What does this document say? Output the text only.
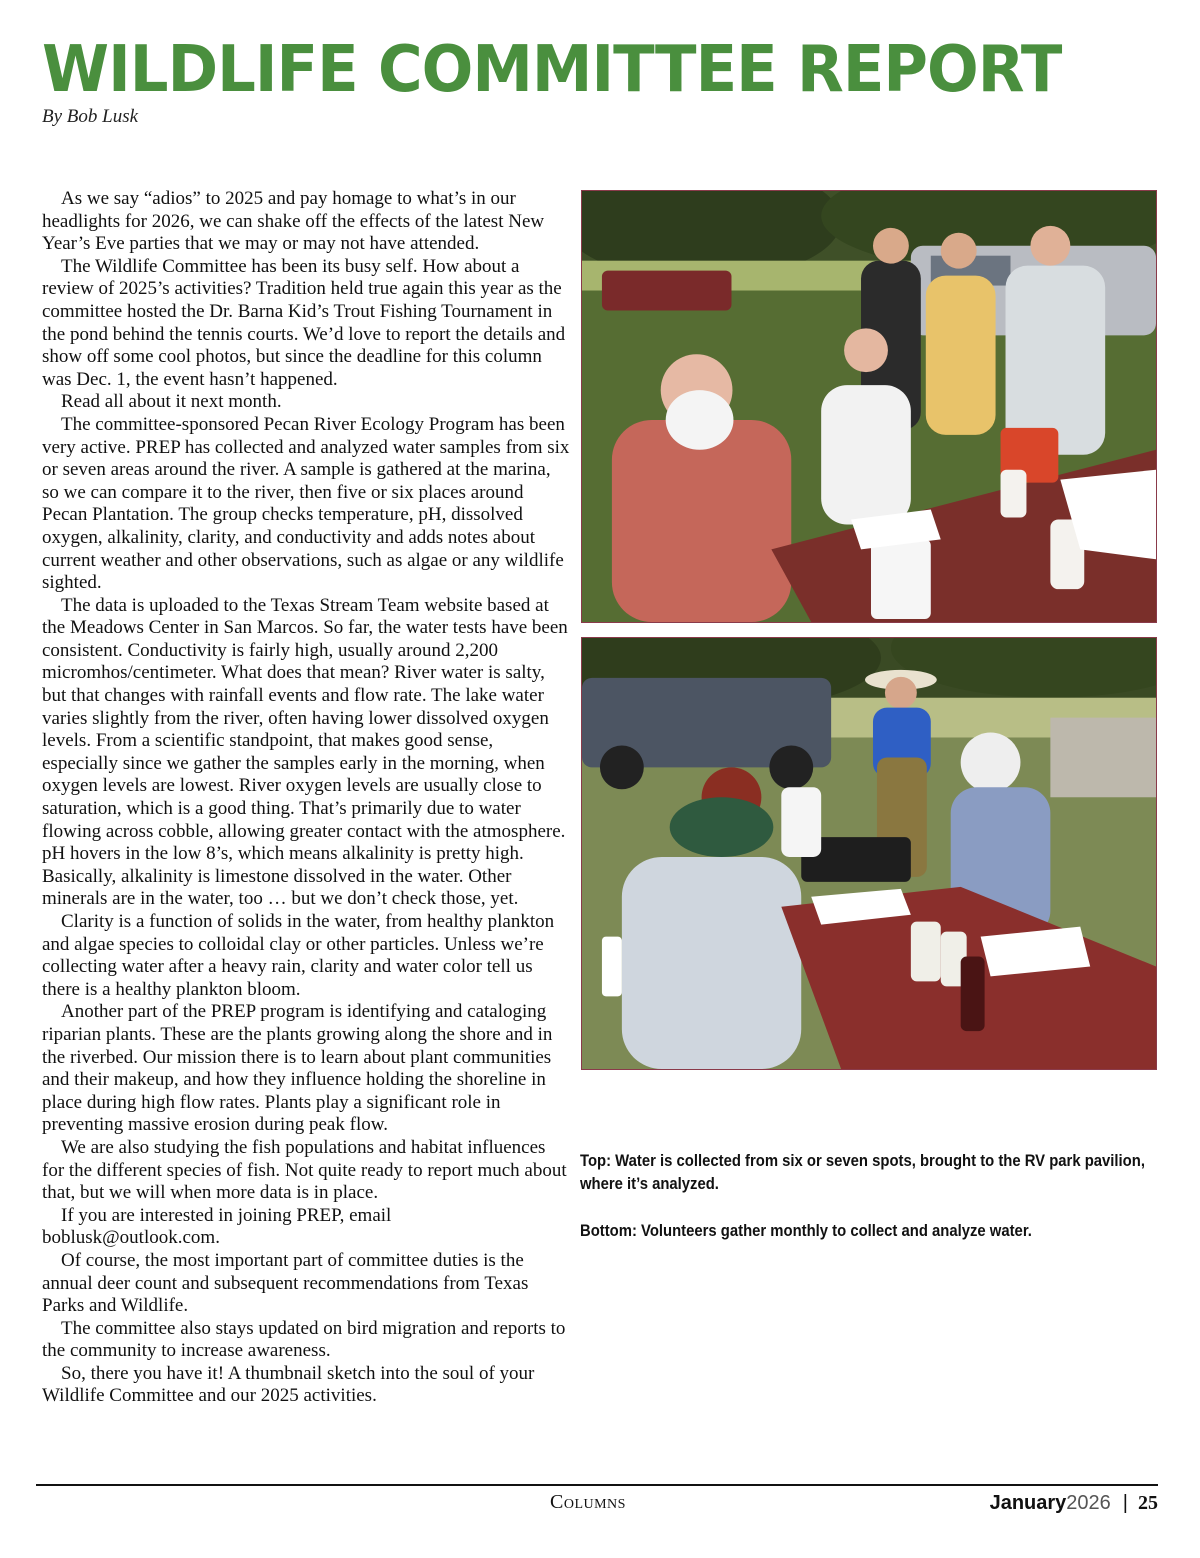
WILDLIFE COMMITTEE REPORT
By Bob Lusk

As we say “adios” to 2025 and pay homage to what’s in our headlights for 2026, we can shake off the effects of the latest New Year’s Eve parties that we may or may not have attended.

The Wildlife Committee has been its busy self. How about a review of 2025’s activities? Tradition held true again this year as the committee hosted the Dr. Barna Kid’s Trout Fishing Tournament in the pond behind the tennis courts. We’d love to report the details and show off some cool photos, but since the deadline for this column was Dec. 1, the event hasn’t happened.

Read all about it next month.

The committee-sponsored Pecan River Ecology Program has been very active. PREP has collected and analyzed water samples from six or seven areas around the river. A sample is gathered at the marina, so we can compare it to the river, then five or six places around Pecan Plantation. The group checks temperature, pH, dissolved oxygen, alkalinity, clarity, and conductivity and adds notes about current weather and other observations, such as algae or any wildlife sighted.

The data is uploaded to the Texas Stream Team website based at the Meadows Center in San Marcos. So far, the water tests have been consistent. Conductivity is fairly high, usually around 2,200 micromhos/centimeter. What does that mean? River water is salty, but that changes with rainfall events and flow rate. The lake water varies slightly from the river, often having lower dissolved oxygen levels. From a scientific standpoint, that makes good sense, especially since we gather the samples early in the morning, when oxygen levels are lowest. River oxygen levels are usually close to saturation, which is a good thing. That’s primarily due to water flowing across cobble, allowing greater contact with the atmosphere. pH hovers in the low 8’s, which means alkalinity is pretty high. Basically, alkalinity is limestone dissolved in the water. Other minerals are in the water, too … but we don’t check those, yet.

Clarity is a function of solids in the water, from healthy plankton and algae species to colloidal clay or other particles. Unless we’re collecting water after a heavy rain, clarity and water color tell us there is a healthy plankton bloom.

Another part of the PREP program is identifying and cataloging riparian plants. These are the plants growing along the shore and in the riverbed. Our mission there is to learn about plant communities and their makeup, and how they influence holding the shoreline in place during high flow rates. Plants play a significant role in preventing massive erosion during peak flow.

We are also studying the fish populations and habitat influences for the different species of fish. Not quite ready to report much about that, but we will when more data is in place.

If you are interested in joining PREP, email boblusk@outlook.com.

Of course, the most important part of committee duties is the annual deer count and subsequent recommendations from Texas Parks and Wildlife.

The committee also stays updated on bird migration and reports to the community to increase awareness.

So, there you have it! A thumbnail sketch into the soul of your Wildlife Committee and our 2025 activities.

Top: Water is collected from six or seven spots, brought to the RV park pavilion, where it’s analyzed.
Bottom: Volunteers gather monthly to collect and analyze water.
Columns	January2026 | 25
